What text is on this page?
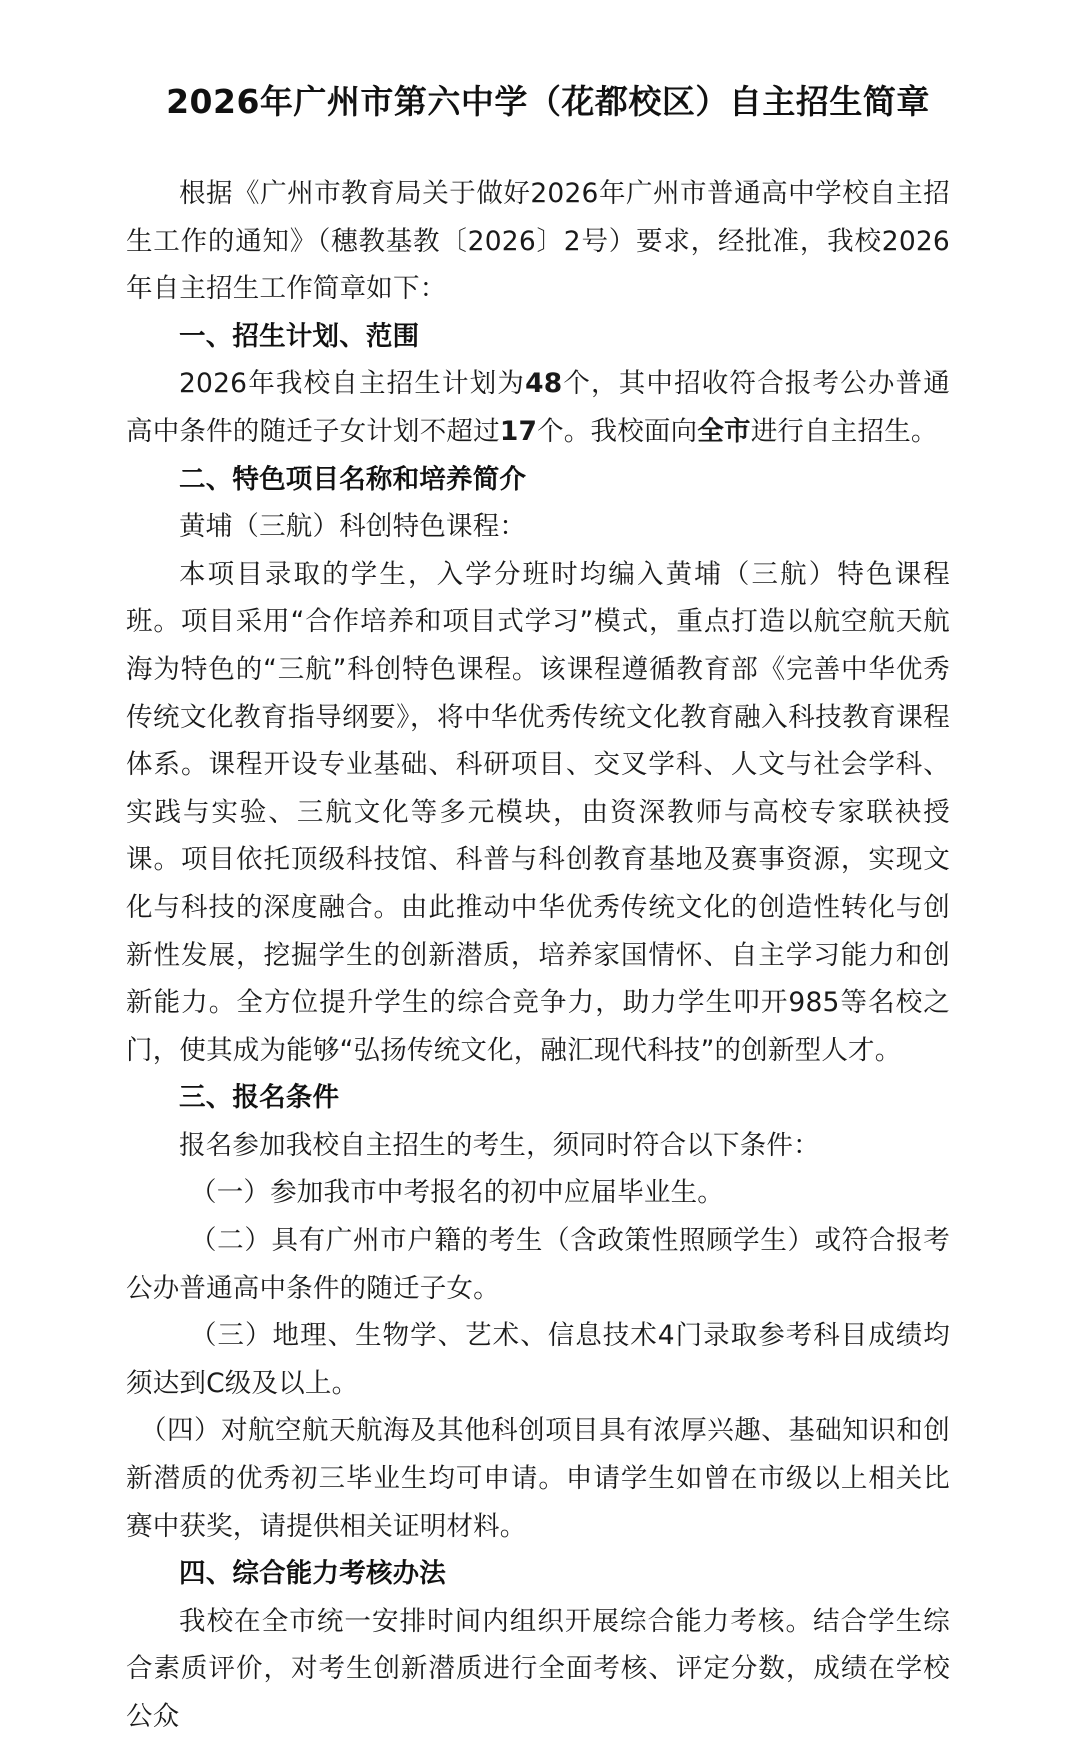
2026年广州市第六中学（花都校区）自主招生简章

根据《广州市教育局关于做好2026年广州市普通高中学校自主招生工作的通知》（穗教基教〔2026〕2号）要求，经批准，我校2026年自主招生工作简章如下：

一、招生计划、范围

2026年我校自主招生计划为48个，其中招收符合报考公办普通高中条件的随迁子女计划不超过17个。我校面向全市进行自主招生。

二、特色项目名称和培养简介

黄埔（三航）科创特色课程：

本项目录取的学生，入学分班时均编入黄埔（三航）特色课程班。项目采用“合作培养和项目式学习”模式，重点打造以航空航天航海为特色的“三航”科创特色课程。该课程遵循教育部《完善中华优秀传统文化教育指导纲要》，将中华优秀传统文化教育融入科技教育课程体系。课程开设专业基础、科研项目、交叉学科、人文与社会学科、实践与实验、三航文化等多元模块，由资深教师与高校专家联袂授课。项目依托顶级科技馆、科普与科创教育基地及赛事资源，实现文化与科技的深度融合。由此推动中华优秀传统文化的创造性转化与创新性发展，挖掘学生的创新潜质，培养家国情怀、自主学习能力和创新能力。全方位提升学生的综合竞争力，助力学生叩开985等名校之门，使其成为能够“弘扬传统文化，融汇现代科技”的创新型人才。

三、报名条件

报名参加我校自主招生的考生，须同时符合以下条件：

（一）参加我市中考报名的初中应届毕业生。

（二）具有广州市户籍的考生（含政策性照顾学生）或符合报考公办普通高中条件的随迁子女。

（三）地理、生物学、艺术、信息技术4门录取参考科目成绩均须达到C级及以上。

（四）对航空航天航海及其他科创项目具有浓厚兴趣、基础知识和创新潜质的优秀初三毕业生均可申请。申请学生如曾在市级以上相关比赛中获奖，请提供相关证明材料。

四、综合能力考核办法

我校在全市统一安排时间内组织开展综合能力考核。结合学生综合素质评价，对考生创新潜质进行全面考核、评定分数，成绩在学校公众
